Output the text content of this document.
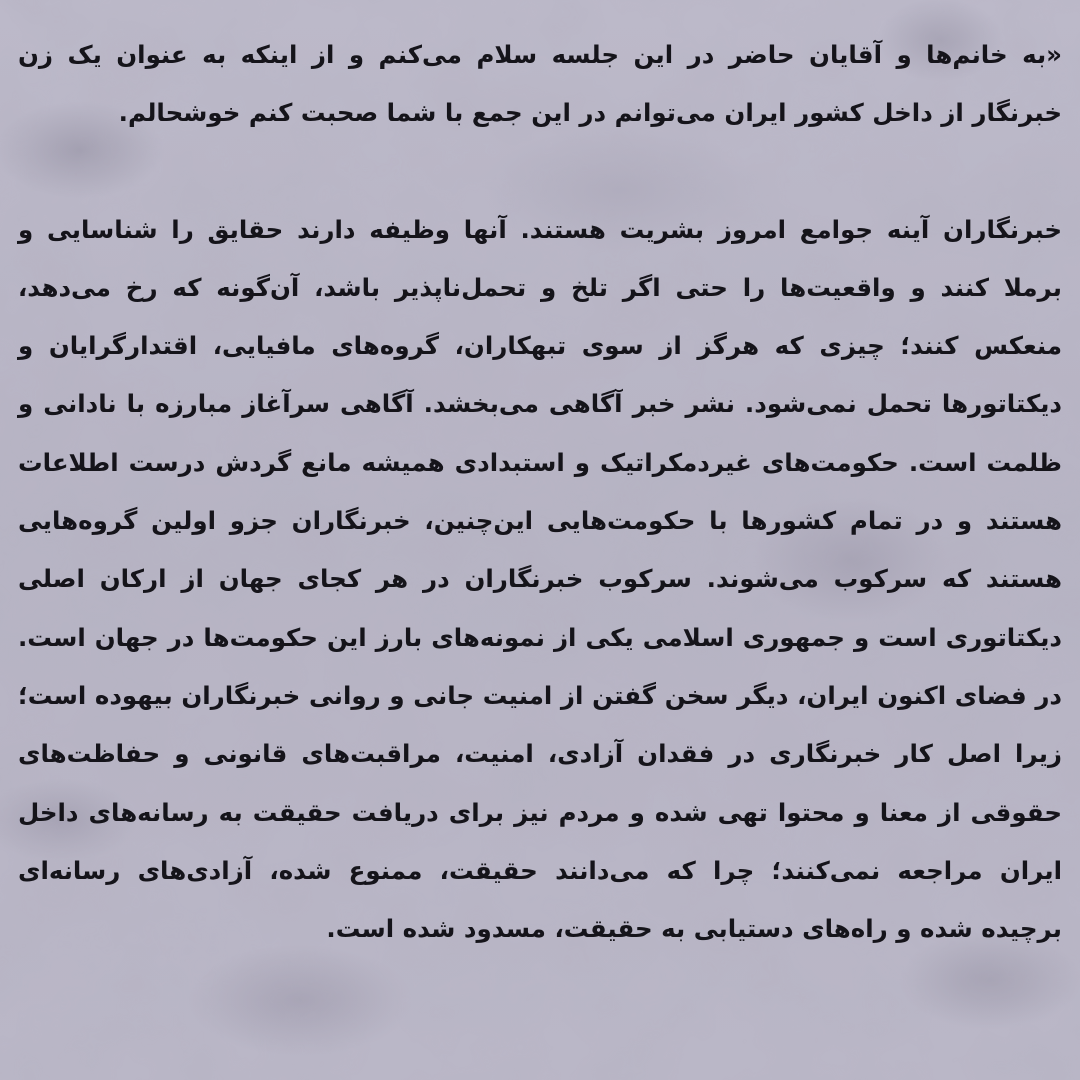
«به خانم‌ها و آقایان حاضر در این جلسه سلام می‌کنم و از اینکه به عنوان یک زن خبرنگار از داخل کشور ایران می‌توانم در این جمع با شما صحبت کنم خوشحالم.

خبرنگاران آینه جوامع امروز بشریت هستند. آنها وظیفه دارند حقایق را شناسایی و برملا کنند و واقعیت‌ها را حتی اگر تلخ و تحمل‌ناپذیر باشد، آن‌گونه که رخ می‌دهد، منعکس کنند؛ چیزی که هرگز از سوی تبهکاران، گروه‌های مافیایی، اقتدارگرایان و دیکتاتورها تحمل نمی‌شود. نشر خبر آگاهی می‌بخشد. آگاهی سرآغاز مبارزه با نادانی و ظلمت است. حکومت‌های غیردمکراتیک و استبدادی همیشه مانع گردش درست اطلاعات هستند و در تمام کشورها با حکومت‌هایی این‌چنین، خبرنگاران جزو اولین گروه‌هایی هستند که سرکوب می‌شوند. سرکوب خبرنگاران در هر کجای جهان از ارکان اصلی دیکتاتوری است و جمهوری اسلامی یکی از نمونه‌های بارز این حکومت‌ها در جهان است. در فضای اکنون ایران، دیگر سخن گفتن از امنیت جانی و روانی خبرنگاران بیهوده است؛ زیرا اصل کار خبرنگاری در فقدان آزادی، امنیت، مراقبت‌های قانونی و حفاظت‌های حقوقی از معنا و محتوا تهی شده و مردم نیز برای دریافت حقیقت به رسانه‌های داخل ایران مراجعه نمی‌کنند؛ چرا که می‌دانند حقیقت، ممنوع شده، آزادی‌های رسانه‌ای برچیده شده و راه‌های دستیابی به حقیقت، مسدود شده است.
